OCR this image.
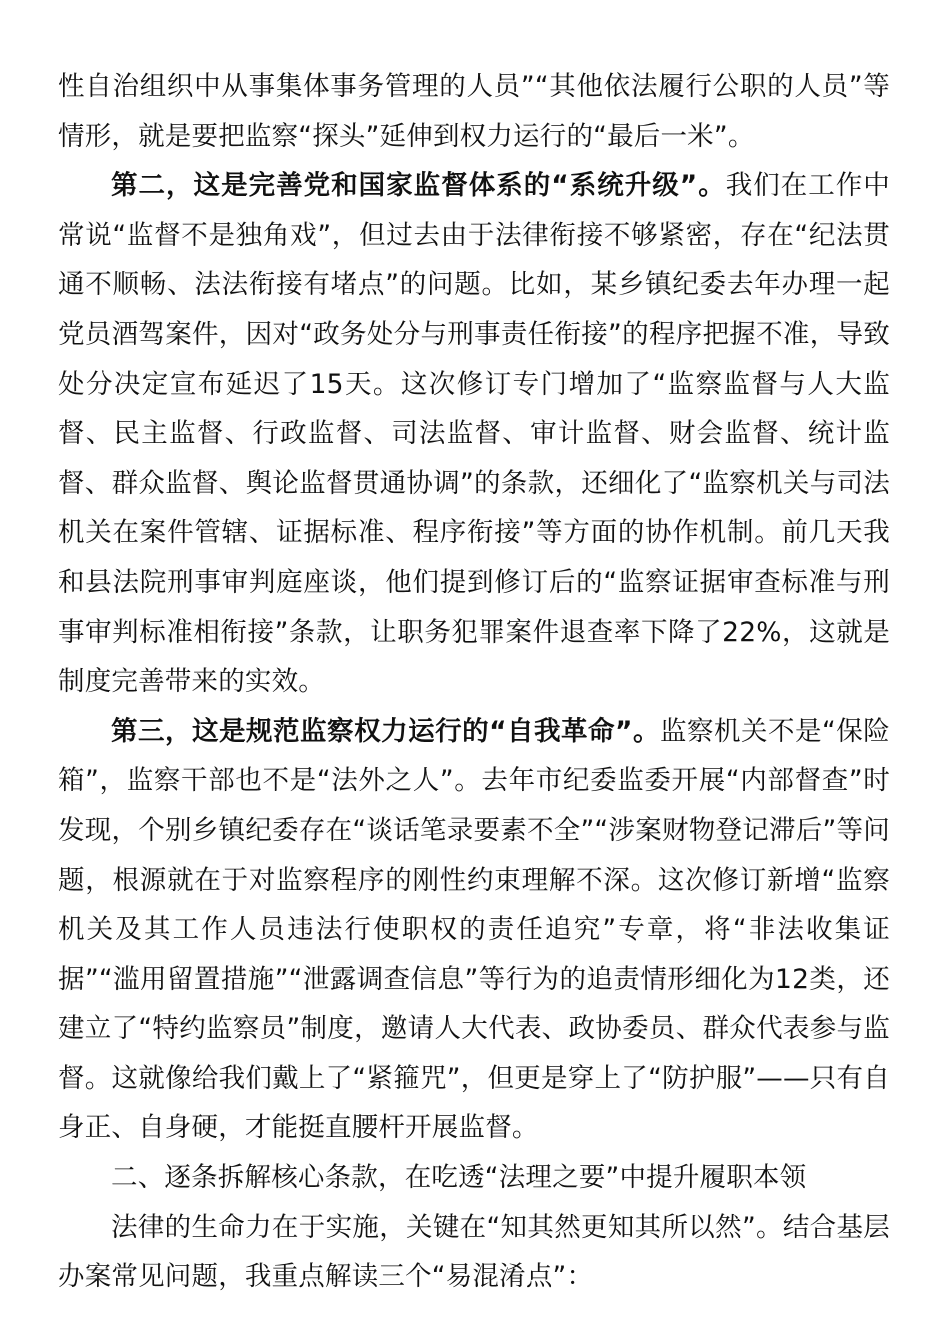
性自治组织中从事集体事务管理的人员”“其他依法履行公职的人员”等情形，就是要把监察“探头”延伸到权力运行的“最后一米”。

第二，这是完善党和国家监督体系的“系统升级”。我们在工作中常说“监督不是独角戏”，但过去由于法律衔接不够紧密，存在“纪法贯通不顺畅、法法衔接有堵点”的问题。比如，某乡镇纪委去年办理一起党员酒驾案件，因对“政务处分与刑事责任衔接”的程序把握不准，导致处分决定宣布延迟了15天。这次修订专门增加了“监察监督与人大监督、民主监督、行政监督、司法监督、审计监督、财会监督、统计监督、群众监督、舆论监督贯通协调”的条款，还细化了“监察机关与司法机关在案件管辖、证据标准、程序衔接”等方面的协作机制。前几天我和县法院刑事审判庭座谈，他们提到修订后的“监察证据审查标准与刑事审判标准相衔接”条款，让职务犯罪案件退查率下降了22%，这就是制度完善带来的实效。

第三，这是规范监察权力运行的“自我革命”。监察机关不是“保险箱”，监察干部也不是“法外之人”。去年市纪委监委开展“内部督查”时发现，个别乡镇纪委存在“谈话笔录要素不全”“涉案财物登记滞后”等问题，根源就在于对监察程序的刚性约束理解不深。这次修订新增“监察机关及其工作人员违法行使职权的责任追究”专章，将“非法收集证据”“滥用留置措施”“泄露调查信息”等行为的追责情形细化为12类，还建立了“特约监察员”制度，邀请人大代表、政协委员、群众代表参与监督。这就像给我们戴上了“紧箍咒”，但更是穿上了“防护服”——只有自身正、自身硬，才能挺直腰杆开展监督。

二、逐条拆解核心条款，在吃透“法理之要”中提升履职本领

法律的生命力在于实施，关键在“知其然更知其所以然”。结合基层办案常见问题，我重点解读三个“易混淆点”：
